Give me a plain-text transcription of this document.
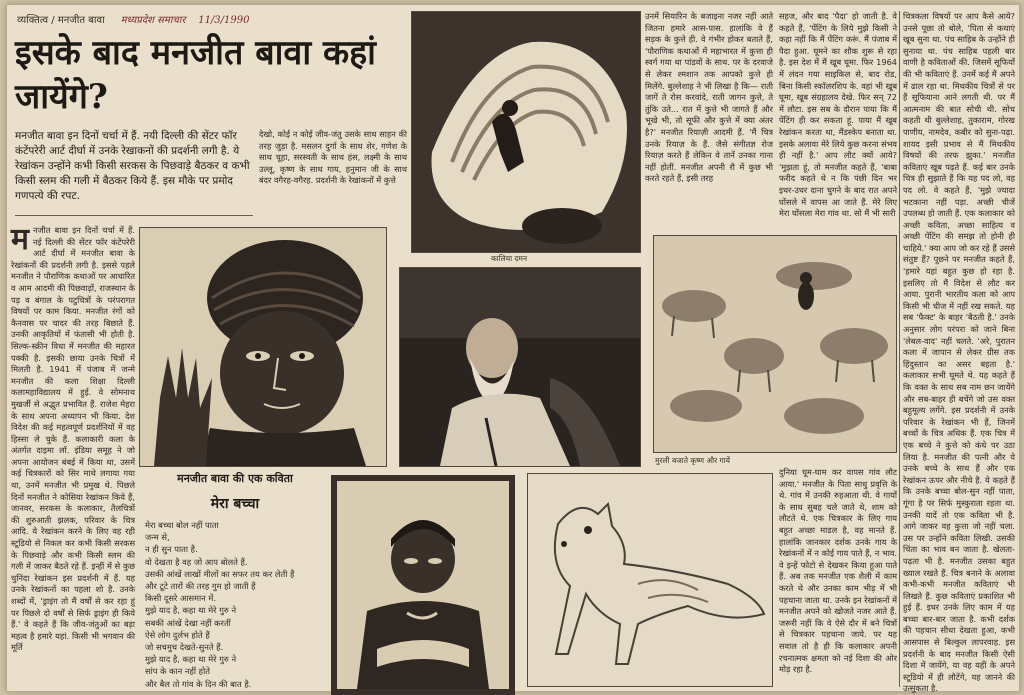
व्यक्तित्व / मनजीत बावा मध्यप्रदेश समाचार 11/3/1990
इसके बाद मनजीत बावा कहां जायेंगे?
मनजीत बावा इन दिनों चर्चा में हैं. नयी दिल्ली की सेंटर फॉर कंटेंपरेरी आर्ट दीर्घा में उनके रेखाकनों की प्रदर्शनी लगी है. ये रेखांकन उन्होंने कभी किसी सरकस के पिछवाड़े बैठकर व कभी किसी स्लम की गली में बैठकर किये हैं. इस मौके पर प्रमोद गणपत्ये की रपट.
देखो, कोई न कोई जीव-जंतु उसके साथ साहन की तरह जुड़ा है. मसलन दुर्गा के साथ शेर, गणेश के साथ चूहा, सरस्वती के साथ हंस, लक्ष्मी के साथ उल्लू, कृष्ण के साथ गाय, हनुमान जी के साथ बंदर वगैरह-वगैरह. प्रदर्शनी के रेखांकनों में कुत्ते
मनजीत बावा इन दिनों चर्चा में हैं. नई दिल्ली की सेंटर फॉर कंटेंपरेरी आर्ट दीर्घा में मनजीत बावा के रेखांकनों की प्रदर्शनी लगी है. इससे पहले मनजीत ने पौराणिक कथाओं पर आधारित व आम आदमी की पिछवाड़ों, राजस्थान के पड़ व बंगाल के पटुचित्रों के परंपरागत विषयों पर काम किया. मनजीत रंगों को कैनवास पर चादर की तरह बिछाते हैं. उनकी आकृतियों में फंतासी भी होती है. सिल्क-स्क्रीन विधा में मनजीत की महारत पक्की है. इसकी छाया उनके चित्रों में मिलती है. 1941 में पंजाब में जन्मे मनजीत की कला शिक्षा दिल्ली कलामहाविद्यालय में हुई. वे सोमनाथ मुखर्जी से अद्भुत प्रभावित हैं. राजेश मेहरा के साथ अपना अध्यापन भी किया. देश विदेश की कई महत्वपूर्ण प्रदर्शनियों में वह हिस्सा ले चुके हैं. कलाकारी कला के अंतर्गत दाइमा लॉ. इंडिया समूह ने जो अपना आयोजन बंबई में किया था, उसमें कई चित्रकारों को सिर माथे लगाया गया था, उनमें मनजीत भी प्रमुख थे. पिछले दिनों मनजीत ने कोसिया रेखांकन किये हैं, जानवर, सरकस के कलाकार, तैलचित्रों की शुरुआती झलक, परिवार के चित्र आदि. ये रेखांकन करने के लिए वह रही स्टूडियो से निकल कर कभी किसी सरकस के पिछवाड़े और कभी किसी स्लम की गली में जाकर बैठते रहे हैं. इन्हीं में से कुछ चुनिंदा रेखांकन इस प्रदर्शनी में हैं. यह उनके रेखांकनों का पहला शो है. उनके शब्दों में, 'ड्राइंग तो मैं वर्षों से कर रहा हूं पर पिछले दो वर्षों से सिर्फ ड्राइंग ही किये हैं.' वे कहते हैं कि जीव-जंतुओं का बड़ा महत्व है हमारे यहां. किसी भी भगवान की मूर्ति
कालिया दमन
उनमें सियारिन के बजाइना नजर नहीं आते जितना हमारे आस-पास. हालांकि वे हैं सड़क के कुत्ते ही. वे गंभीर होकर बताते हैं, 'पौराणिक कथाओं में महाभारत में कुत्ता ही स्वर्ग गया था पांडवों के साथ. पर के दरवाजे से लेकर श्मशान तक आपको कुत्ते ही मिलेंगे. बुल्लेशाह ने भी लिखा है कि— राती जागें ते रोस करवांदे, राती जागन कुत्ते, ते तुंकि उते... रात में कुत्ते भी जागते हैं और भूखे भी, तो सूफी और कुत्ते में क्या अंतर है?' मनजीत रियाज़ी आदमी हैं. 'मैं चित्र उनके रियाज़ के हैं. जैसे संगीतज्ञ रोज रियाज़ करते हैं लेकिन वे तानें उनका गाना नहीं होतीं. मनजीत अपनी रौ में कुछ भी करते रहते हैं, इसी तरह
सहज, और बाद 'पैदा' हो जाती है. वे कहते हैं, 'पेंटिंग के लिये मुझे किसी ने कहा नहीं कि मैं पेंटिंग करूं. मैं पंजाब में पैदा हुआ. घूमने का शौक शुरू से रहा है. इस देश में मैं खूब घूमा. फिर 1964 में लंदन गया साइकिल से, बाद रोड, बिना किसी स्कॉलरशिप के. वहां भी खूब घूमा, खूब संग्रहालय देखे. फिर सन् 72 में लौटा. इस सब के दौरान पाया कि मैं पेंटिंग ही कर सकता हूं. पाया मैं खूब रेखांकन करता था, मैंडस्केप बनाता था. इसके अलावा मेरे लिये कुछ करना संभव ही नहीं है.' आप लौट क्यों आये? 'मुझता हूं, तो मनजीत कहते हैं, 'बाबा फरीद कहते थे न कि पंछी दिन भर इधर-उधर दाना चुगने के बाद रात अपने घोंसले में वापस आ जाते हैं. मेरे लिए मेरा घोंसला मेरा गांव था. सो मैं भी सारी
चित्रकला विषयों पर आप कैसे आये? उनसे पूछा तो बोले, 'पिता से कथाएं खूब सुना था. पंच साहिब के उन्होंने ही सुनाया था. पंच साहिब पहली बार वाणी है कविताओं की. जिसमें सूफियों की भी कविताएं हैं. उनमें कई मैं अपने में ढाल रहा था. मिथकीय चित्रों से पर हैं सूफियाना आने लगती थी. पर मैं आत्मनाम की बात सोची थी. सोच कहती थी बुल्लेशाह, तुकाराम, गोरख पाणीय, नामदेव, कबीर को सुना-पढ़ा. शायद इसी प्रभाव से मैं मिथकीय विषयों की तरफ झुका.' मनजीत कविताएं खूब पढ़ते हैं. कई बार उनके चित्र ही सुझाते हैं कि यह पद लो, वह पद लो. वे कहते हैं, 'मुझे ज्यादा भटकाना नहीं पड़ा. अच्छी चीजें उपलब्ध हो जाती हैं. एक कलाकार को अच्छी कविता, अच्छा साहित्य व अच्छी पेंटिंग की समझ तो होनी ही चाहिये.' क्या आप जो कर रहे हैं उससे संतुष्ट हैं? पूछने पर मनजीत कहते हैं, 'हमारे यहां बहुत कुछ हो रहा है. इसलिए तो मैं विदेश से लौट कर आया. पुरानी भारतीय कला को आप किसी भी चीज में नहीं रख सकते. यह सब 'फैक्ट' के बाहर 'बैठती है.' उनके अनुसार लोग परंपरा को जाने बिना 'लेबल-वाद' नहीं चलते. 'अरे, पुरातन कला में जापान से लेकर ग्रीस तक हिंदुस्तान का असर बहता है.' कलाकार सभी घूमते थे. यह कहते हैं कि वक्त के साथ सब नाम छन जायेंगे और सब-बाहर ही बचेंगे जो उस वक्त बहुमूल्य लगेंगे. इस प्रदर्शनी में उनके परिवार के रेखांकन भी हैं, जिनमें बच्चों के चित्र अधिक हैं. एक चित्र में एक बच्चे ने कुत्ते को कंधे पर उठा लिया है. मनजीत की पत्नी और ये उनके बच्चे के साथ हैं और एक रेखांकन ऊपर और नीचे है. ये कहते हैं कि उनके बच्चा बोल-सुन नहीं पाता, गूंगा है पर सिर्फ मुस्कुराता रहता था. उनकी यादें तो एक कविता भी है. आगे जाकर वह कुत्ता जो नहीं चला. उस पर उन्होंने कविता लिखी. उसकी चिंता का भाव बन जाता है. खेलता-पढ़ता भी है. मनजीत उसका बहुत ख्याल रखते हैं. चित्र बनाने के अलावा कभी-कभी मनजीत कविताएं भी लिखते हैं. कुछ कविताएं प्रकाशित भी हुई हैं. इधर उनके लिए काम में यह बच्चा बार-बार जाता है. कभी दर्शक की पहचान सीधा देखता हुआ, कभी आसपास से बिल्कुल लापरवाह. इस प्रदर्शनी के बाद मनजीत किसी ऐसी दिशा में जायेंगे, या वह यहीं के अपने स्टूडियो में ही लौटेंगे, यह जानने की उत्सुकता है.
मुरली बजाते कृष्ण और गायें
दुनिया घूम-घाम कर वापस गांव लौट आया.' मनजीत के पिता साधु प्रवृत्ति के थे. गांव में उनकी रुहआता थी. वे गायों के साथ सुबह चले जाते थे, शाम को लौटते थे. एक चित्रकार के लिए गाय बहुत अच्छा माडल है, वह मानते हैं. हालांकि जानकार दर्शक उनके गाय के रेखांकनों में न कोई गाय पाते हैं, न भाव. वे इन्हें फोटो से देखकर किया हुआ पाते हैं. अब तक मनजीत एक शैली में काम करते थे और उनका काम भीड़ में भी पहचाना जाता था. उनके इन रेखांकनों में मनजीत अपने को खोजते नजर आते हैं. जरूरी नहीं कि वे ऐसे दौर में बने चित्रों से चित्रकार पहचाना जाये. पर यह सवाल तो है ही कि कलाकार अपनी रचनात्मक क्षमता को नई दिशा की ओर मोड़ रहा है.
मनजीत बावा की एक कविता
मेरा बच्चा
मेरा बच्चा बोल नहीं पाता
जन्म से,
न ही सुन पाता है.
वो देखता है वह जो आप बोलते हैं.
उसकी आंखें लाखों मीलों का सफर तय कर लेती हैं
और टूटे तारों की तरह गुम हो जाती हैं
किसी दूसरे आसमान में.
मुझे याद है, कहा था मेरे गुरु ने
सबकी आंखें देखा नहीं करतीं
ऐसे लोग दुर्लभ होते हैं
जो सचमुच देखते-सुनते हैं.
मुझे याद है, कहा था मेरे गुरु ने
सांप के कान नहीं होते
और बैल तो गांव के दिन की बात है.
